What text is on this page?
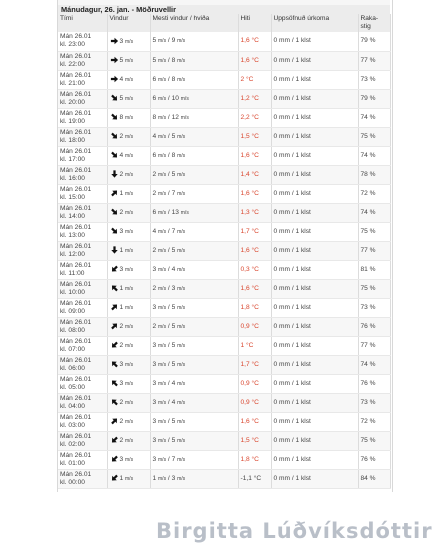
Mánudagur, 26. jan. - Möðruvellir
Tími	Vindur	Mesti vindur / hviða	Hiti	Uppsöfnuð úrkoma	Raka-
stig

Mán 26.01
kl. 23:00	3 m/s	5 m/s / 9 m/s	1,6 °C	0 mm / 1 klst	79 %

Mán 26.01
kl. 22:00	5 m/s	5 m/s / 8 m/s	1,6 °C	0 mm / 1 klst	77 %

Mán 26.01
kl. 21:00	4 m/s	6 m/s / 8 m/s	2 °C	0 mm / 1 klst	73 %

Mán 26.01
kl. 20:00	5 m/s	6 m/s / 10 m/s	1,2 °C	0 mm / 1 klst	79 %

Mán 26.01
kl. 19:00	8 m/s	8 m/s / 12 m/s	2,2 °C	0 mm / 1 klst	74 %

Mán 26.01
kl. 18:00	2 m/s	4 m/s / 5 m/s	1,5 °C	0 mm / 1 klst	75 %

Mán 26.01
kl. 17:00	4 m/s	6 m/s / 8 m/s	1,6 °C	0 mm / 1 klst	74 %

Mán 26.01
kl. 16:00	2 m/s	2 m/s / 5 m/s	1,4 °C	0 mm / 1 klst	78 %

Mán 26.01
kl. 15:00	1 m/s	2 m/s / 7 m/s	1,6 °C	0 mm / 1 klst	72 %

Mán 26.01
kl. 14:00	2 m/s	6 m/s / 13 m/s	1,3 °C	0 mm / 1 klst	74 %

Mán 26.01
kl. 13:00	3 m/s	4 m/s / 7 m/s	1,7 °C	0 mm / 1 klst	75 %

Mán 26.01
kl. 12:00	1 m/s	2 m/s / 5 m/s	1,6 °C	0 mm / 1 klst	77 %

Mán 26.01
kl. 11:00	3 m/s	3 m/s / 4 m/s	0,3 °C	0 mm / 1 klst	81 %

Mán 26.01
kl. 10:00	1 m/s	2 m/s / 3 m/s	1,6 °C	0 mm / 1 klst	75 %

Mán 26.01
kl. 09:00	1 m/s	3 m/s / 5 m/s	1,8 °C	0 mm / 1 klst	73 %

Mán 26.01
kl. 08:00	2 m/s	2 m/s / 5 m/s	0,9 °C	0 mm / 1 klst	76 %

Mán 26.01
kl. 07:00	2 m/s	3 m/s / 5 m/s	1 °C	0 mm / 1 klst	77 %

Mán 26.01
kl. 06:00	3 m/s	3 m/s / 5 m/s	1,7 °C	0 mm / 1 klst	74 %

Mán 26.01
kl. 05:00	3 m/s	3 m/s / 4 m/s	0,9 °C	0 mm / 1 klst	76 %

Mán 26.01
kl. 04:00	2 m/s	3 m/s / 4 m/s	0,9 °C	0 mm / 1 klst	73 %

Mán 26.01
kl. 03:00	2 m/s	3 m/s / 5 m/s	1,6 °C	0 mm / 1 klst	72 %

Mán 26.01
kl. 02:00	2 m/s	3 m/s / 5 m/s	1,5 °C	0 mm / 1 klst	75 %

Mán 26.01
kl. 01:00	3 m/s	3 m/s / 7 m/s	1,8 °C	0 mm / 1 klst	76 %

Mán 26.01
kl. 00:00	1 m/s	1 m/s / 3 m/s	-1,1 °C	0 mm / 1 klst	84 %
Birgitta Lúðvíksdóttir
